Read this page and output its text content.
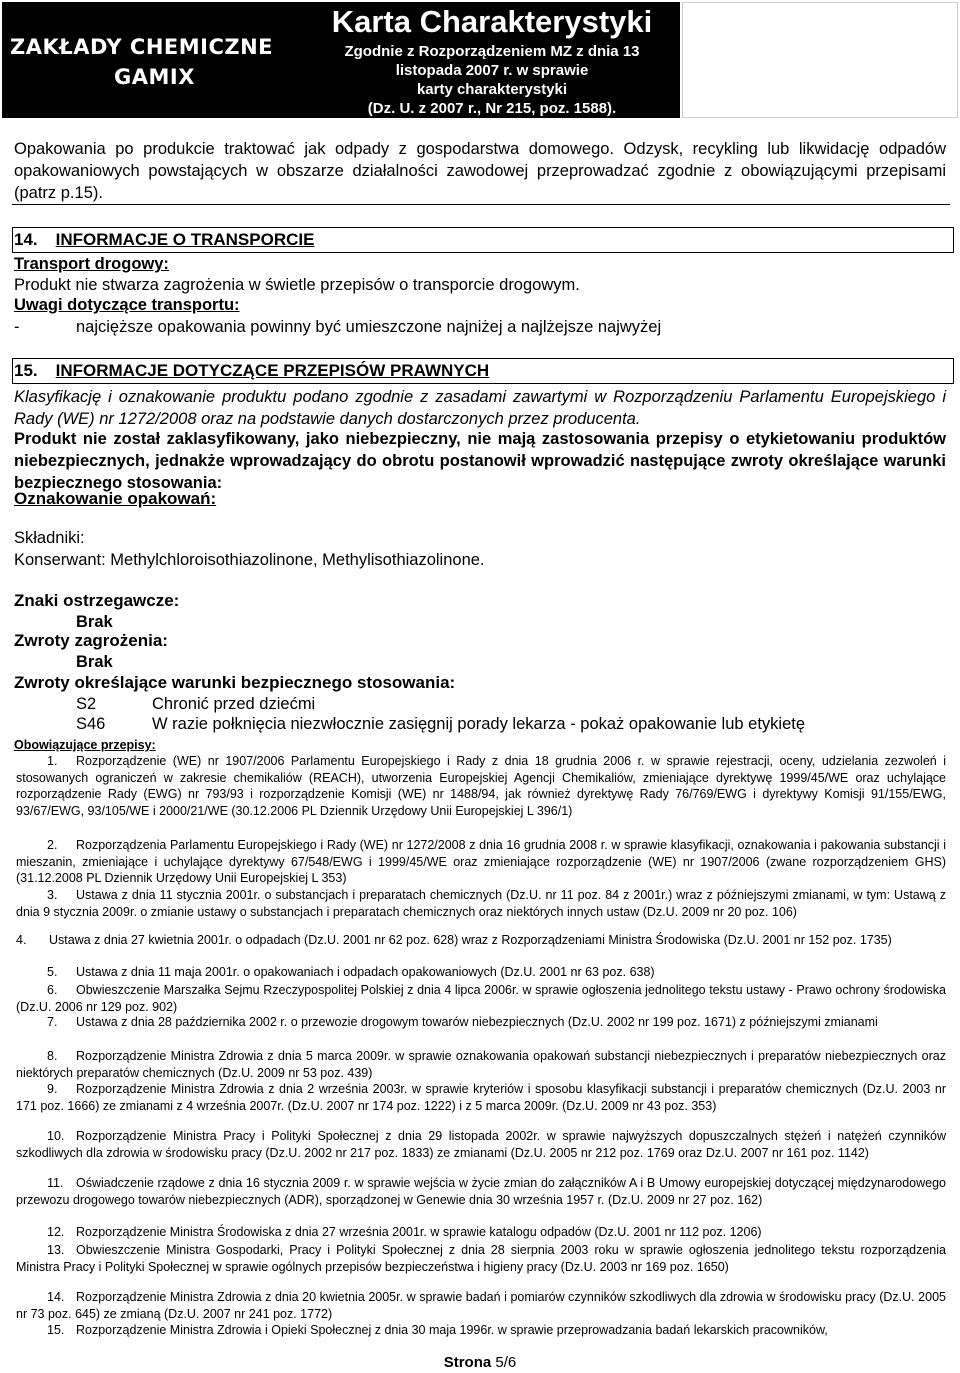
ZAKŁADY CHEMICZNE
GAMIX
Karta Charakterystyki
Zgodnie z Rozporządzeniem MZ z dnia 13
listopada 2007 r. w sprawie
karty charakterystyki
(Dz. U. z 2007 r., Nr 215, poz. 1588).
Opakowania po produkcie traktować jak odpady z gospodarstwa domowego. Odzysk, recykling lub likwidację odpadów opakowaniowych powstających w obszarze działalności zawodowej przeprowadzać zgodnie z obowiązującymi przepisami (patrz p.15).
14. INFORMACJE O TRANSPORCIE
Transport drogowy:
Produkt nie stwarza zagrożenia w świetle przepisów o transporcie drogowym.
Uwagi dotyczące transportu:
-	najcięższe opakowania powinny być umieszczone najniżej a najlżejsze najwyżej
15. INFORMACJE DOTYCZĄCE PRZEPISÓW PRAWNYCH
Klasyfikację i oznakowanie produktu podano zgodnie z zasadami zawartymi w Rozporządzeniu Parlamentu Europejskiego i Rady (WE) nr 1272/2008 oraz na podstawie danych dostarczonych przez producenta.
Produkt nie został zaklasyfikowany, jako niebezpieczny, nie mają zastosowania przepisy o etykietowaniu produktów niebezpiecznych, jednakże wprowadzający do obrotu postanowił wprowadzić następujące zwroty określające warunki bezpiecznego stosowania:
Oznakowanie opakowań:
Składniki:
Konserwant: Methylchloroisothiazolinone, Methylisothiazolinone.
Znaki ostrzegawcze:
Brak
Zwroty zagrożenia:
Brak
Zwroty określające warunki bezpiecznego stosowania:
S2	Chronić przed dziećmi
S46	W razie połknięcia niezwłocznie zasięgnij porady lekarza - pokaż opakowanie lub etykietę
Obowiązujące przepisy:
1. Rozporządzenie (WE) nr 1907/2006 Parlamentu Europejskiego i Rady z dnia 18 grudnia 2006 r. w sprawie rejestracji, oceny, udzielania zezwoleń i stosowanych ograniczeń w zakresie chemikaliów (REACH), utworzenia Europejskiej Agencji Chemikaliów, zmieniające dyrektywę 1999/45/WE oraz uchylające rozporządzenie Rady (EWG) nr 793/93 i rozporządzenie Komisji (WE) nr 1488/94, jak również dyrektywę Rady 76/769/EWG i dyrektywy Komisji 91/155/EWG, 93/67/EWG, 93/105/WE i 2000/21/WE (30.12.2006 PL Dziennik Urzędowy Unii Europejskiej L 396/1)
2. Rozporządzenia Parlamentu Europejskiego i Rady (WE) nr 1272/2008 z dnia 16 grudnia 2008 r. w sprawie klasyfikacji, oznakowania i pakowania substancji i mieszanin, zmieniające i uchylające dyrektywy 67/548/EWG i 1999/45/WE oraz zmieniające rozporządzenie (WE) nr 1907/2006 (zwane rozporządzeniem GHS) (31.12.2008 PL Dziennik Urzędowy Unii Europejskiej L 353)
3. Ustawa z dnia 11 stycznia 2001r. o substancjach i preparatach chemicznych (Dz.U. nr 11 poz. 84 z 2001r.) wraz z późniejszymi zmianami, w tym: Ustawą z dnia 9 stycznia 2009r. o zmianie ustawy o substancjach i preparatach chemicznych oraz niektórych innych ustaw (Dz.U. 2009 nr 20 poz. 106)
4. Ustawa z dnia 27 kwietnia 2001r. o odpadach (Dz.U. 2001 nr 62 poz. 628) wraz z Rozporządzeniami Ministra Środowiska (Dz.U. 2001 nr 152 poz. 1735)
5. Ustawa z dnia 11 maja 2001r. o opakowaniach i odpadach opakowaniowych (Dz.U. 2001 nr 63 poz. 638)
6. Obwieszczenie Marszałka Sejmu Rzeczypospolitej Polskiej z dnia 4 lipca 2006r. w sprawie ogłoszenia jednolitego tekstu ustawy - Prawo ochrony środowiska (Dz.U. 2006 nr 129 poz. 902)
7. Ustawa z dnia 28 października 2002 r. o przewozie drogowym towarów niebezpiecznych (Dz.U. 2002 nr 199 poz. 1671) z późniejszymi zmianami
8. Rozporządzenie Ministra Zdrowia z dnia 5 marca 2009r. w sprawie oznakowania opakowań substancji niebezpiecznych i preparatów niebezpiecznych oraz niektórych preparatów chemicznych (Dz.U. 2009 nr 53 poz. 439)
9. Rozporządzenie Ministra Zdrowia z dnia 2 września 2003r. w sprawie kryteriów i sposobu klasyfikacji substancji i preparatów chemicznych (Dz.U. 2003 nr 171 poz. 1666) ze zmianami z 4 września 2007r. (Dz.U. 2007 nr 174 poz. 1222) i z 5 marca 2009r. (Dz.U. 2009 nr 43 poz. 353)
10. Rozporządzenie Ministra Pracy i Polityki Społecznej z dnia 29 listopada 2002r. w sprawie najwyższych dopuszczalnych stężeń i natężeń czynników szkodliwych dla zdrowia w środowisku pracy (Dz.U. 2002 nr 217 poz. 1833) ze zmianami (Dz.U. 2005 nr 212 poz. 1769 oraz Dz.U. 2007 nr 161 poz. 1142)
11. Oświadczenie rządowe z dnia 16 stycznia 2009 r. w sprawie wejścia w życie zmian do załączników A i B Umowy europejskiej dotyczącej międzynarodowego przewozu drogowego towarów niebezpiecznych (ADR), sporządzonej w Genewie dnia 30 września 1957 r. (Dz.U. 2009 nr 27 poz. 162)
12. Rozporządzenie Ministra Środowiska z dnia 27 września 2001r. w sprawie katalogu odpadów (Dz.U. 2001 nr 112 poz. 1206)
13. Obwieszczenie Ministra Gospodarki, Pracy i Polityki Społecznej z dnia 28 sierpnia 2003 roku w sprawie ogłoszenia jednolitego tekstu rozporządzenia Ministra Pracy i Polityki Społecznej w sprawie ogólnych przepisów bezpieczeństwa i higieny pracy (Dz.U. 2003 nr 169 poz. 1650)
14. Rozporządzenie Ministra Zdrowia z dnia 20 kwietnia 2005r. w sprawie badań i pomiarów czynników szkodliwych dla zdrowia w środowisku pracy (Dz.U. 2005 nr 73 poz. 645) ze zmianą (Dz.U. 2007 nr 241 poz. 1772)
15. Rozporządzenie Ministra Zdrowia i Opieki Społecznej z dnia 30 maja 1996r. w sprawie przeprowadzania badań lekarskich pracowników,
Strona 5/6
